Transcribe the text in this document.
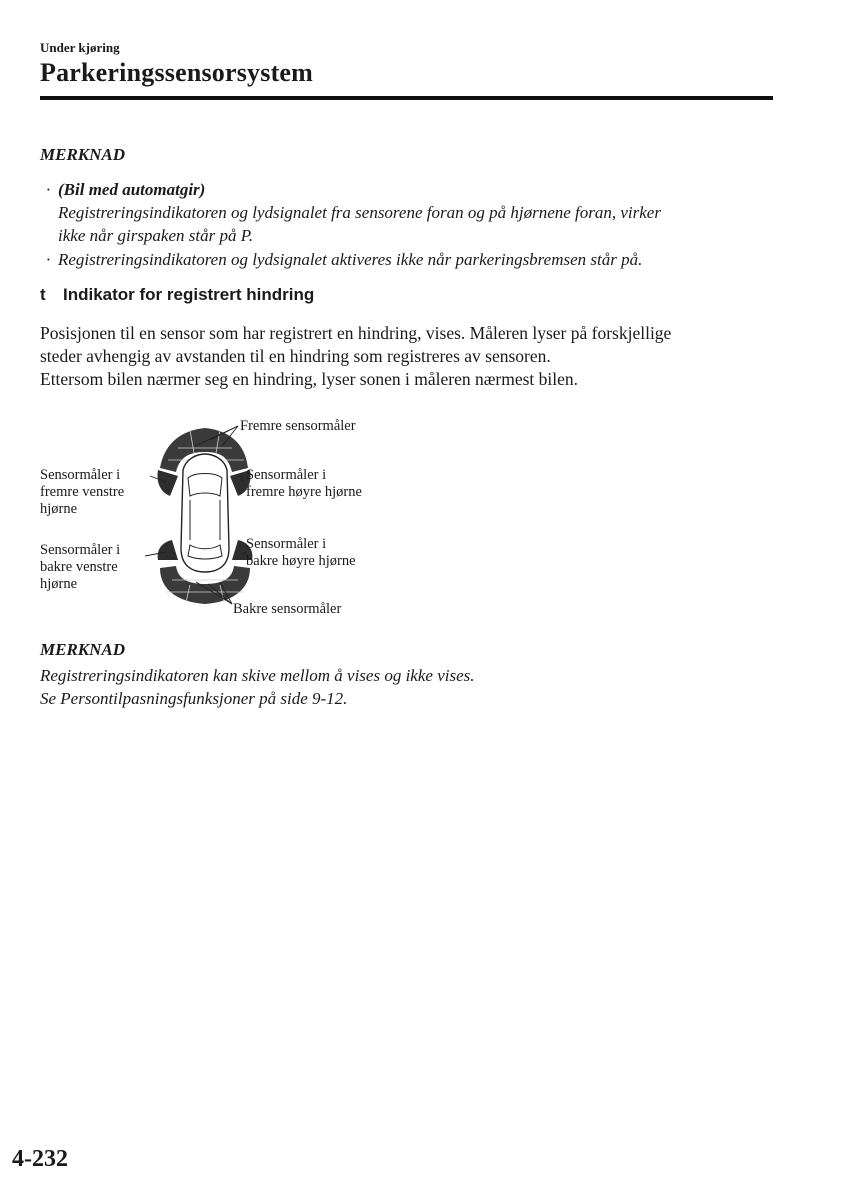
Under kjøring
Parkeringssensorsystem
MERKNAD
· (Bil med automatgir)
Registreringsindikatoren og lydsignalet fra sensorene foran og på hjørnene foran, virker
ikke når girspaken står på P.
· Registreringsindikatoren og lydsignalet aktiveres ikke når parkeringsbremsen står på.
t Indikator for registrert hindring
Posisjonen til en sensor som har registrert en hindring, vises. Måleren lyser på forskjellige
steder avhengig av avstanden til en hindring som registreres av sensoren.
Ettersom bilen nærmer seg en hindring, lyser sonen i måleren nærmest bilen.
Fremre sensormåler
Sensormåler i
fremre venstre
hjørne
Sensormåler i
fremre høyre hjørne
Sensormåler i
bakre venstre
hjørne
Sensormåler i
bakre høyre hjørne
Bakre sensormåler
MERKNAD
Registreringsindikatoren kan skive mellom å vises og ikke vises.
Se Persontilpasningsfunksjoner på side 9-12.
4-232
